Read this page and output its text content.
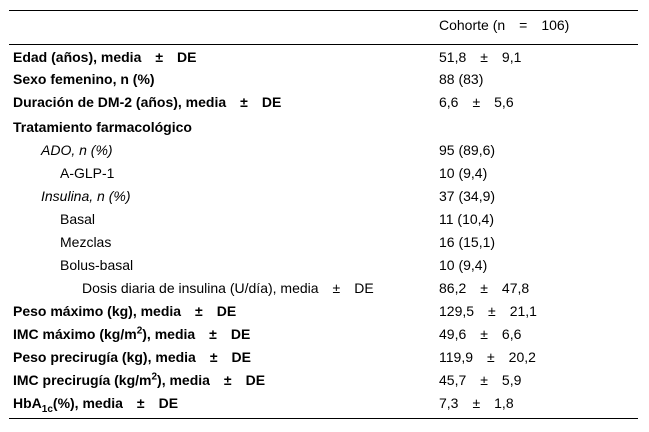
Cohorte (n = 106)
Edad (años), media ± DE	51,8 ± 9,1
Sexo femenino, n (%)	88 (83)
Duración de DM-2 (años), media ± DE	6,6 ± 5,6
Tratamiento farmacológico
ADO, n (%)	95 (89,6)
A-GLP-1	10 (9,4)
Insulina, n (%)	37 (34,9)
Basal	11 (10,4)
Mezclas	16 (15,1)
Bolus-basal	10 (9,4)
Dosis diaria de insulina (U/día), media ± DE	86,2 ± 47,8
Peso máximo (kg), media ± DE	129,5 ± 21,1
IMC máximo $(kg/m^2)$, media ± DE	49,6 ± 6,6
Peso precirugía (kg), media ± DE	119,9 ± 20,2
IMC precirugía $(kg/m^2)$, media ± DE	45,7 ± 5,9
HbA$_{1c}$(%), media ± DE	7,3 ± 1,8
